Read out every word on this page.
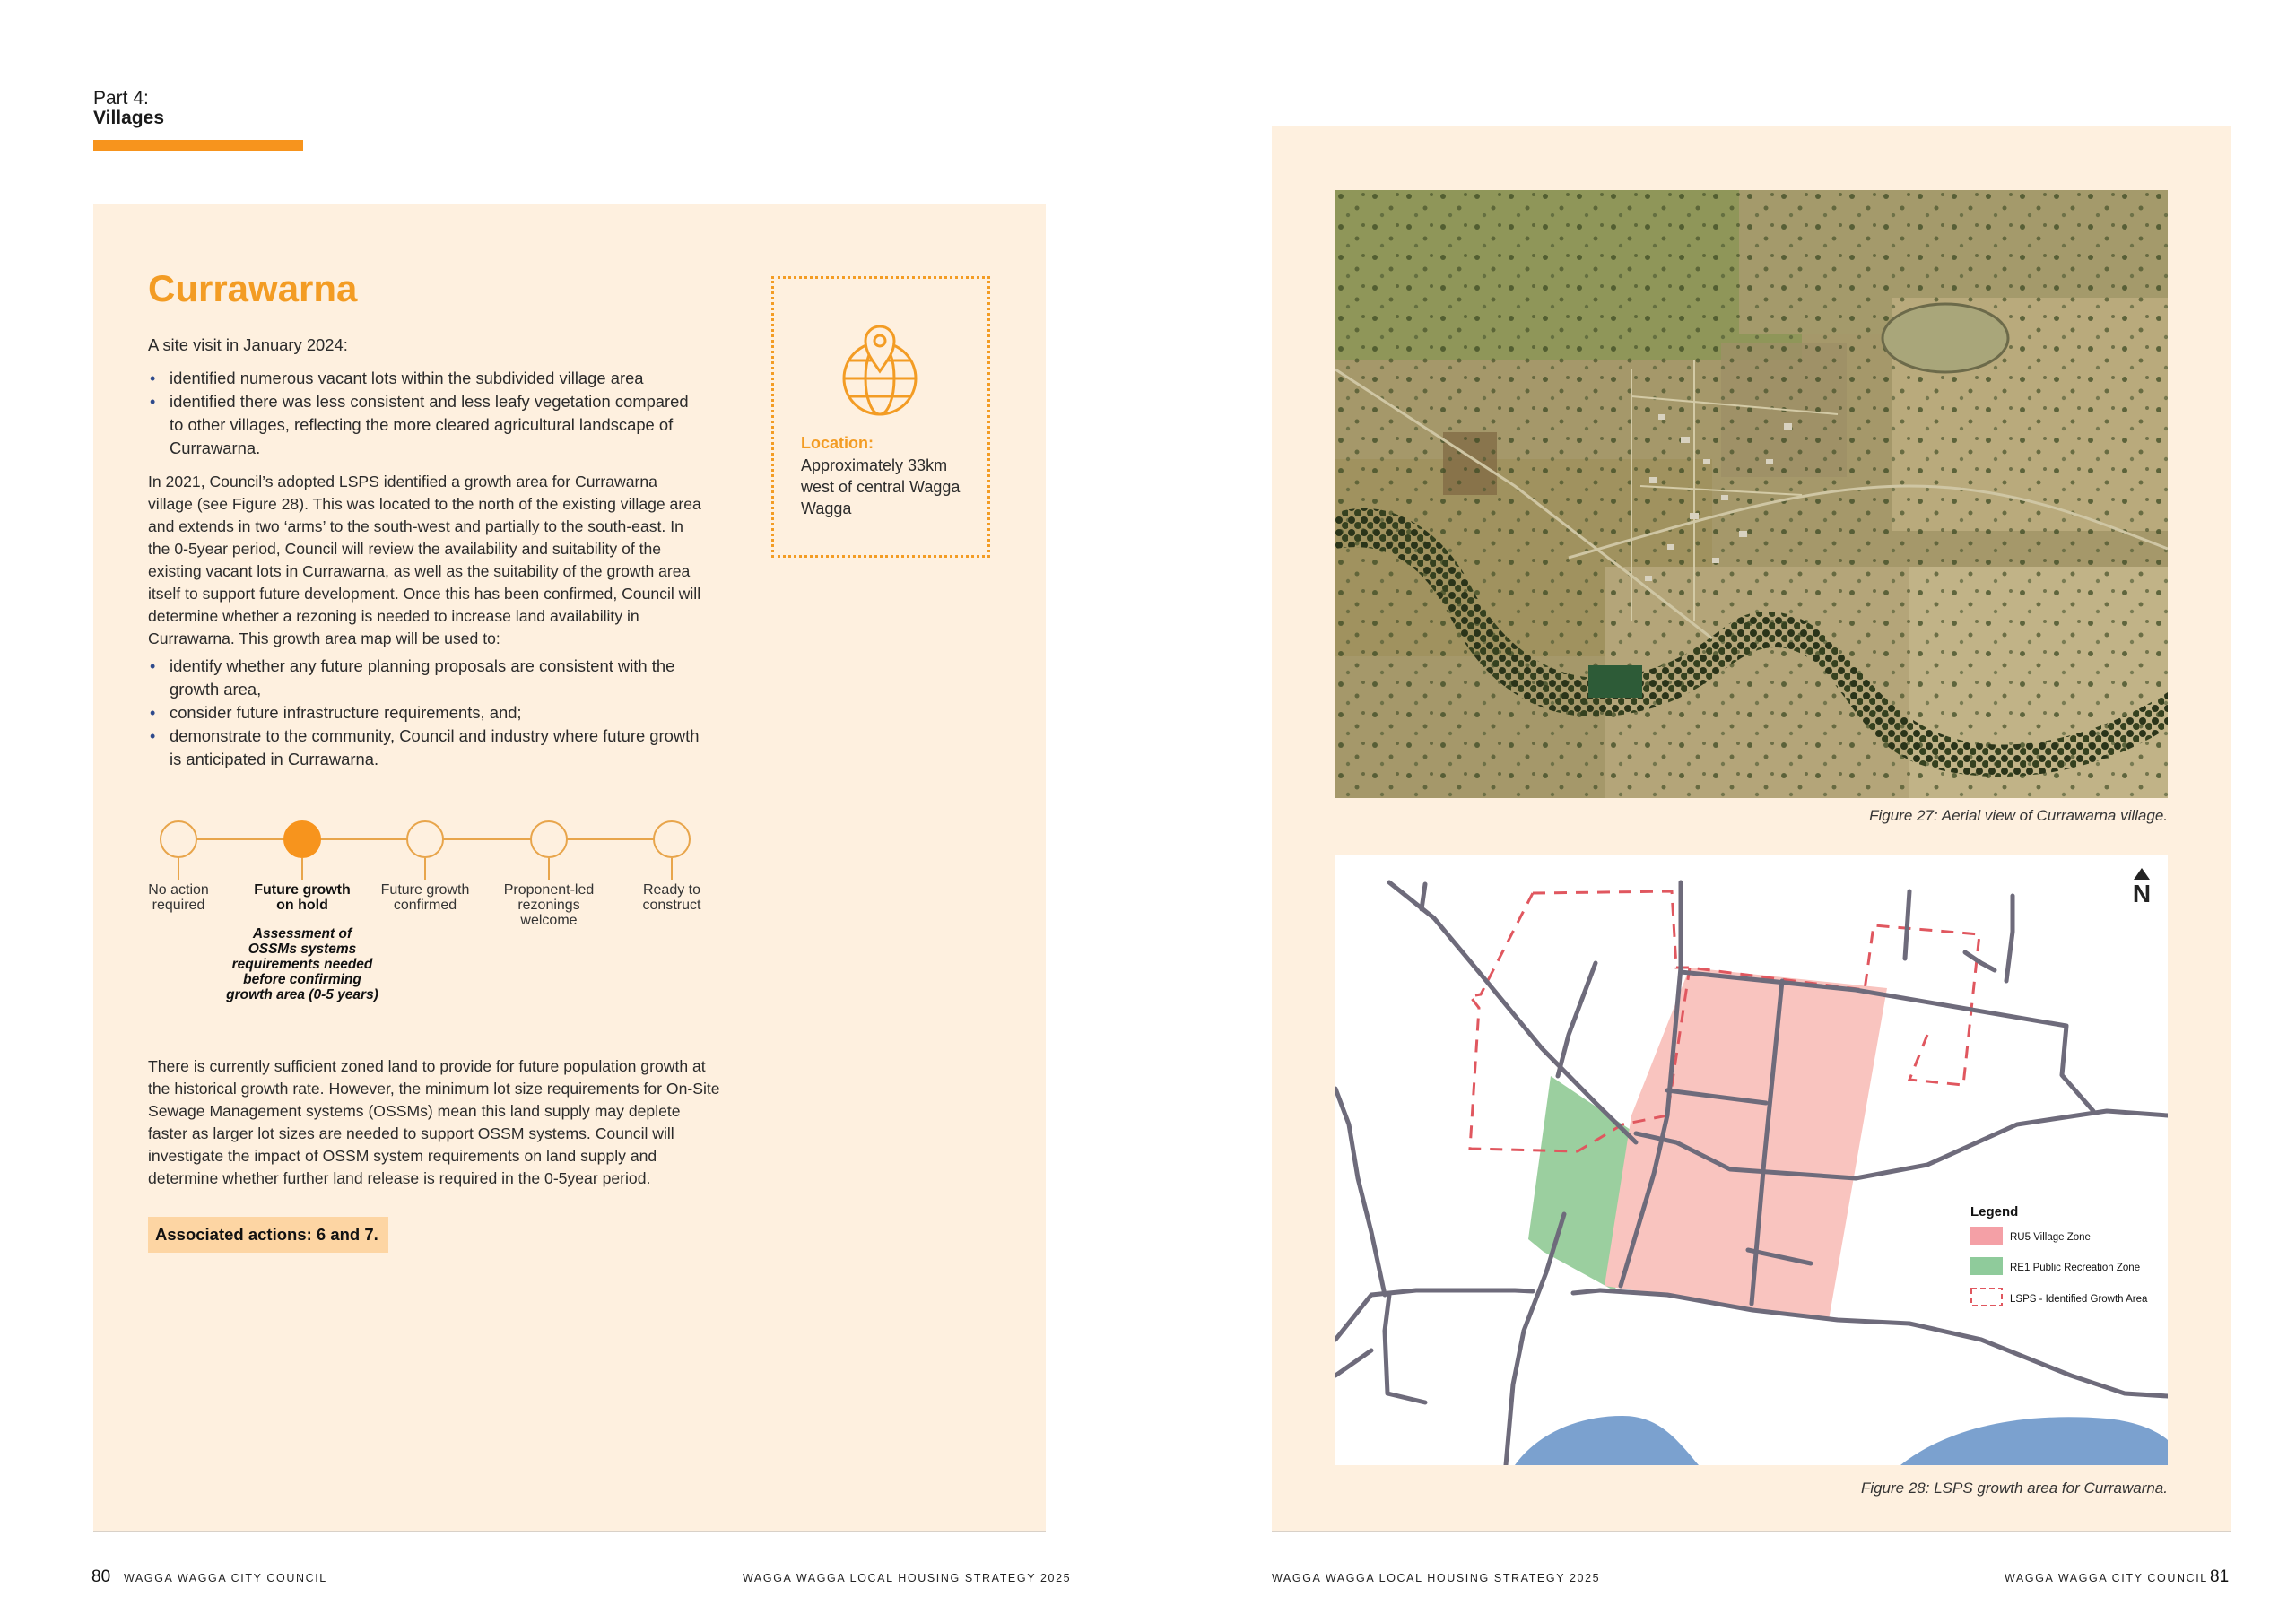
Part 4:
Villages
Currawarna
A site visit in January 2024:
• identified numerous vacant lots within the subdivided village area
• identified there was less consistent and less leafy vegetation compared to other villages, reflecting the more cleared agricultural landscape of Currawarna.
In 2021, Council’s adopted LSPS identified a growth area for Currawarna village (see Figure 28). This was located to the north of the existing village area and extends in two ‘arms’ to the south-west and partially to the south-east. In the 0-5year period, Council will review the availability and suitability of the existing vacant lots in Currawarna, as well as the suitability of the growth area itself to support future development. Once this has been confirmed, Council will determine whether a rezoning is needed to increase land availability in Currawarna. This growth area map will be used to:
• identify whether any future planning proposals are consistent with the growth area,
• consider future infrastructure requirements, and;
• demonstrate to the community, Council and industry where future growth is anticipated in Currawarna.
Location:
Approximately 33km west of central Wagga Wagga
No action
required
Future growth
on hold
Future growth
confirmed
Proponent-led
rezonings
welcome
Ready to
construct
Assessment of
OSSMs systems
requirements needed
before confirming
growth area (0-5 years)
There is currently sufficient zoned land to provide for future population growth at the historical growth rate. However, the minimum lot size requirements for On-Site Sewage Management systems (OSSMs) mean this land supply may deplete faster as larger lot sizes are needed to support OSSM systems. Council will investigate the impact of OSSM system requirements on land supply and determine whether further land release is required in the 0-5year period.
Associated actions: 6 and 7.
80 WAGGA WAGGA CITY COUNCIL	WAGGA WAGGA LOCAL HOUSING STRATEGY 2025
Figure 27: Aerial view of Currawarna village.
N
Legend
RU5 Village Zone
RE1 Public Recreation Zone
LSPS - Identified Growth Area
Figure 28: LSPS growth area for Currawarna.
WAGGA WAGGA LOCAL HOUSING STRATEGY 2025	WAGGA WAGGA CITY COUNCIL 81
